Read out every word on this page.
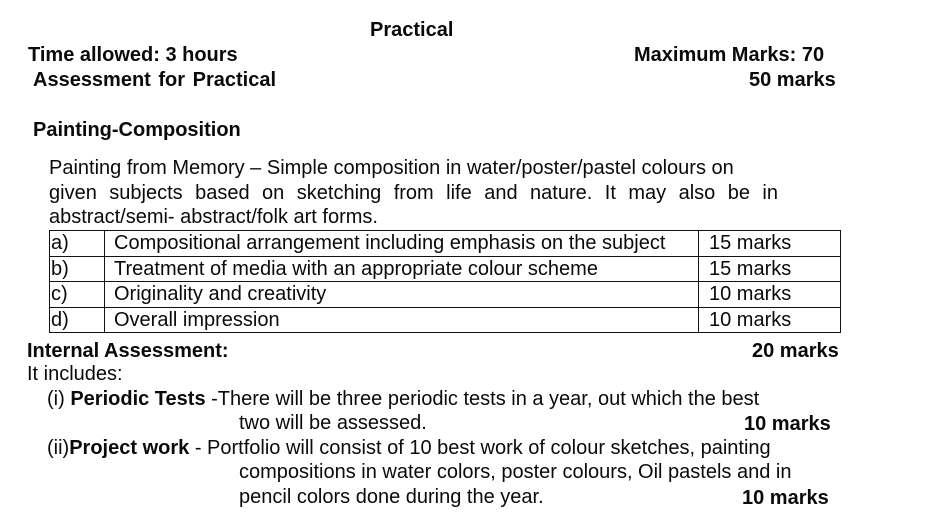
Practical
Time allowed: 3 hours	Maximum Marks: 70
Assessment for Practical	50 marks
Painting-Composition
Painting from Memory – Simple composition in water/poster/pastel colours on
given subjects based on sketching from life and nature. It may also be in
abstract/semi- abstract/folk art forms.
a)	Compositional arrangement including emphasis on the subject	15 marks
b)	Treatment of media with an appropriate colour scheme	15 marks
c)	Originality and creativity	10 marks
d)	Overall impression	10 marks
Internal Assessment:	20 marks
It includes:
(i) Periodic Tests -There will be three periodic tests in a year, out which the best
two will be assessed.	10 marks
(ii)Project work - Portfolio will consist of 10 best work of colour sketches, painting
compositions in water colors, poster colours, Oil pastels and in
pencil colors done during the year.	10 marks
